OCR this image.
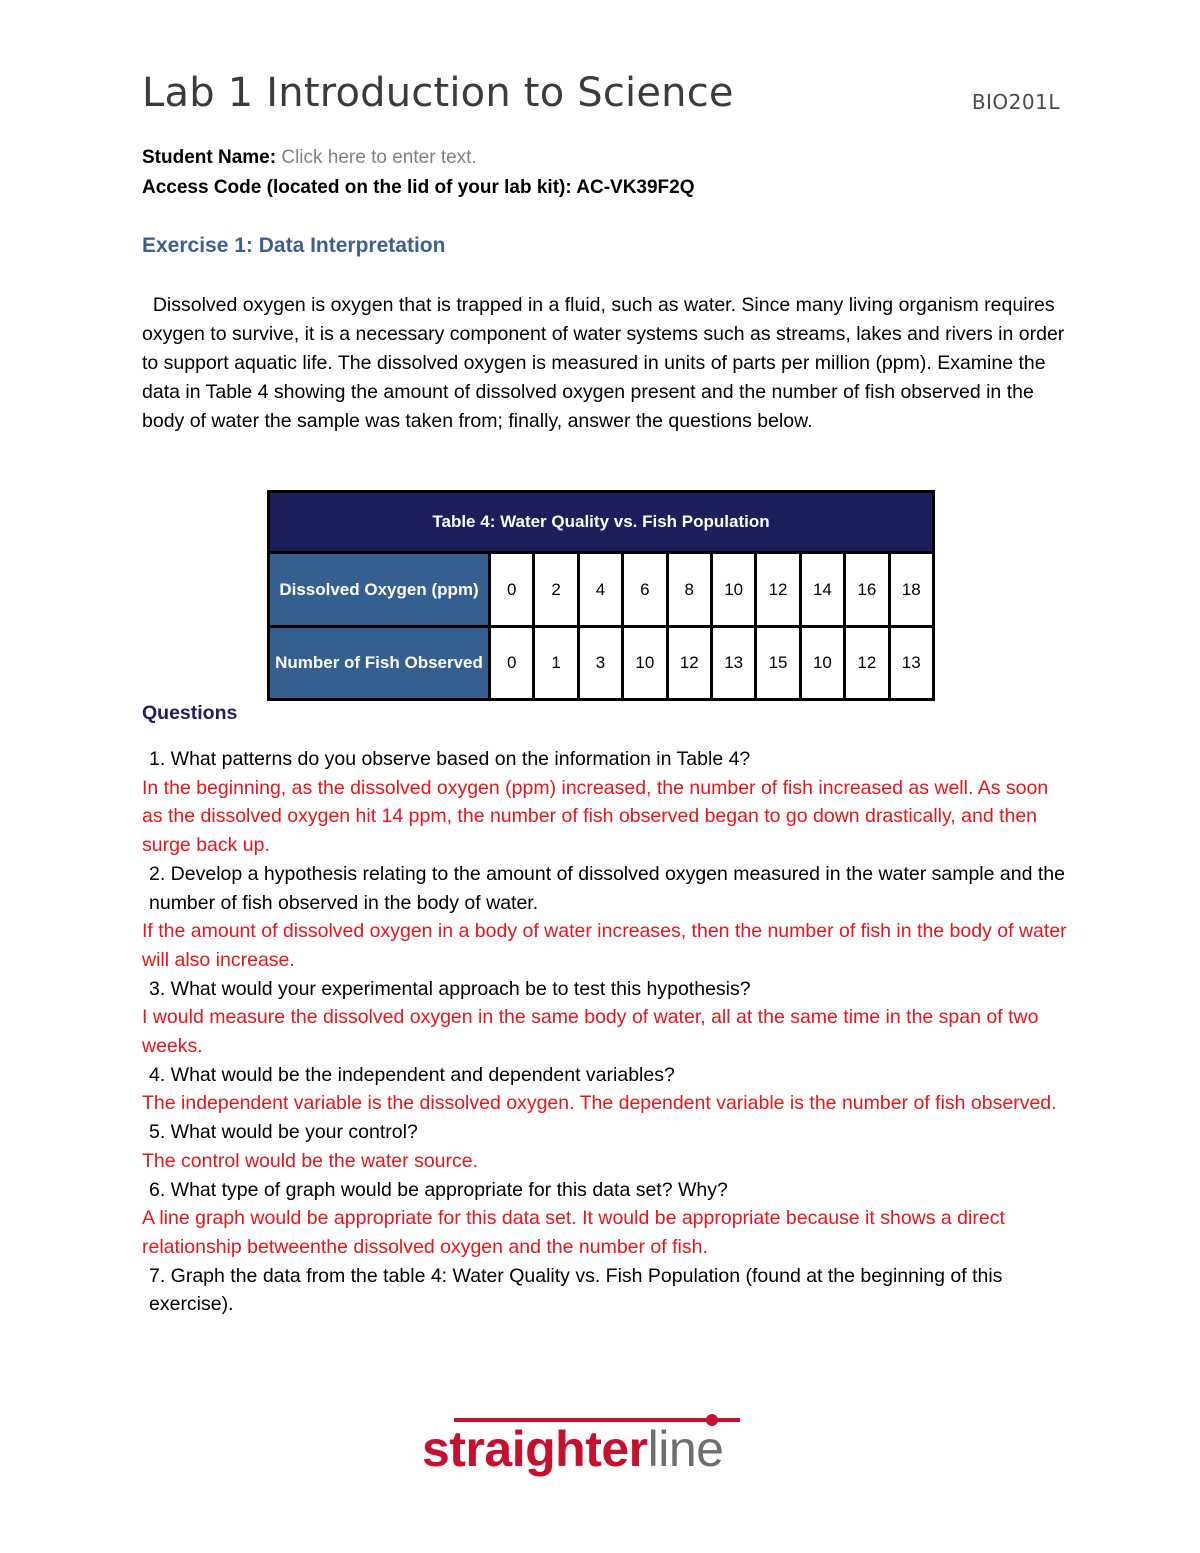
Lab 1 Introduction to Science	BIO201L
Student Name: Click here to enter text.
Access Code (located on the lid of your lab kit): AC-VK39F2Q
Exercise 1: Data Interpretation

Dissolved oxygen is oxygen that is trapped in a fluid, such as water. Since many living organism requires oxygen to survive, it is a necessary component of water systems such as streams, lakes and rivers in order to support aquatic life. The dissolved oxygen is measured in units of parts per million (ppm). Examine the data in Table 4 showing the amount of dissolved oxygen present and the number of fish observed in the body of water the sample was taken from; finally, answer the questions below.

Table 4: Water Quality vs. Fish Population										
Dissolved Oxygen (ppm)	0	2	4	6	8	10	12	14	16	18
Number of Fish Observed	0	1	3	10	12	13	15	10	12	13
Questions
1. What patterns do you observe based on the information in Table 4?
In the beginning, as the dissolved oxygen (ppm) increased, the number of fish increased as well. As soon as the dissolved oxygen hit 14 ppm, the number of fish observed began to go down drastically, and then surge back up.
2. Develop a hypothesis relating to the amount of dissolved oxygen measured in the water sample and the number of fish observed in the body of water.
If the amount of dissolved oxygen in a body of water increases, then the number of fish in the body of water will also increase.
3. What would your experimental approach be to test this hypothesis?
I would measure the dissolved oxygen in the same body of water, all at the same time in the span of two weeks.
4. What would be the independent and dependent variables?
The independent variable is the dissolved oxygen. The dependent variable is the number of fish observed.
5. What would be your control?
The control would be the water source.
6. What type of graph would be appropriate for this data set? Why?
A line graph would be appropriate for this data set. It would be appropriate because it shows a direct relationship betweenthe dissolved oxygen and the number of fish.
7. Graph the data from the table 4: Water Quality vs. Fish Population (found at the beginning of this exercise).
straighterline
